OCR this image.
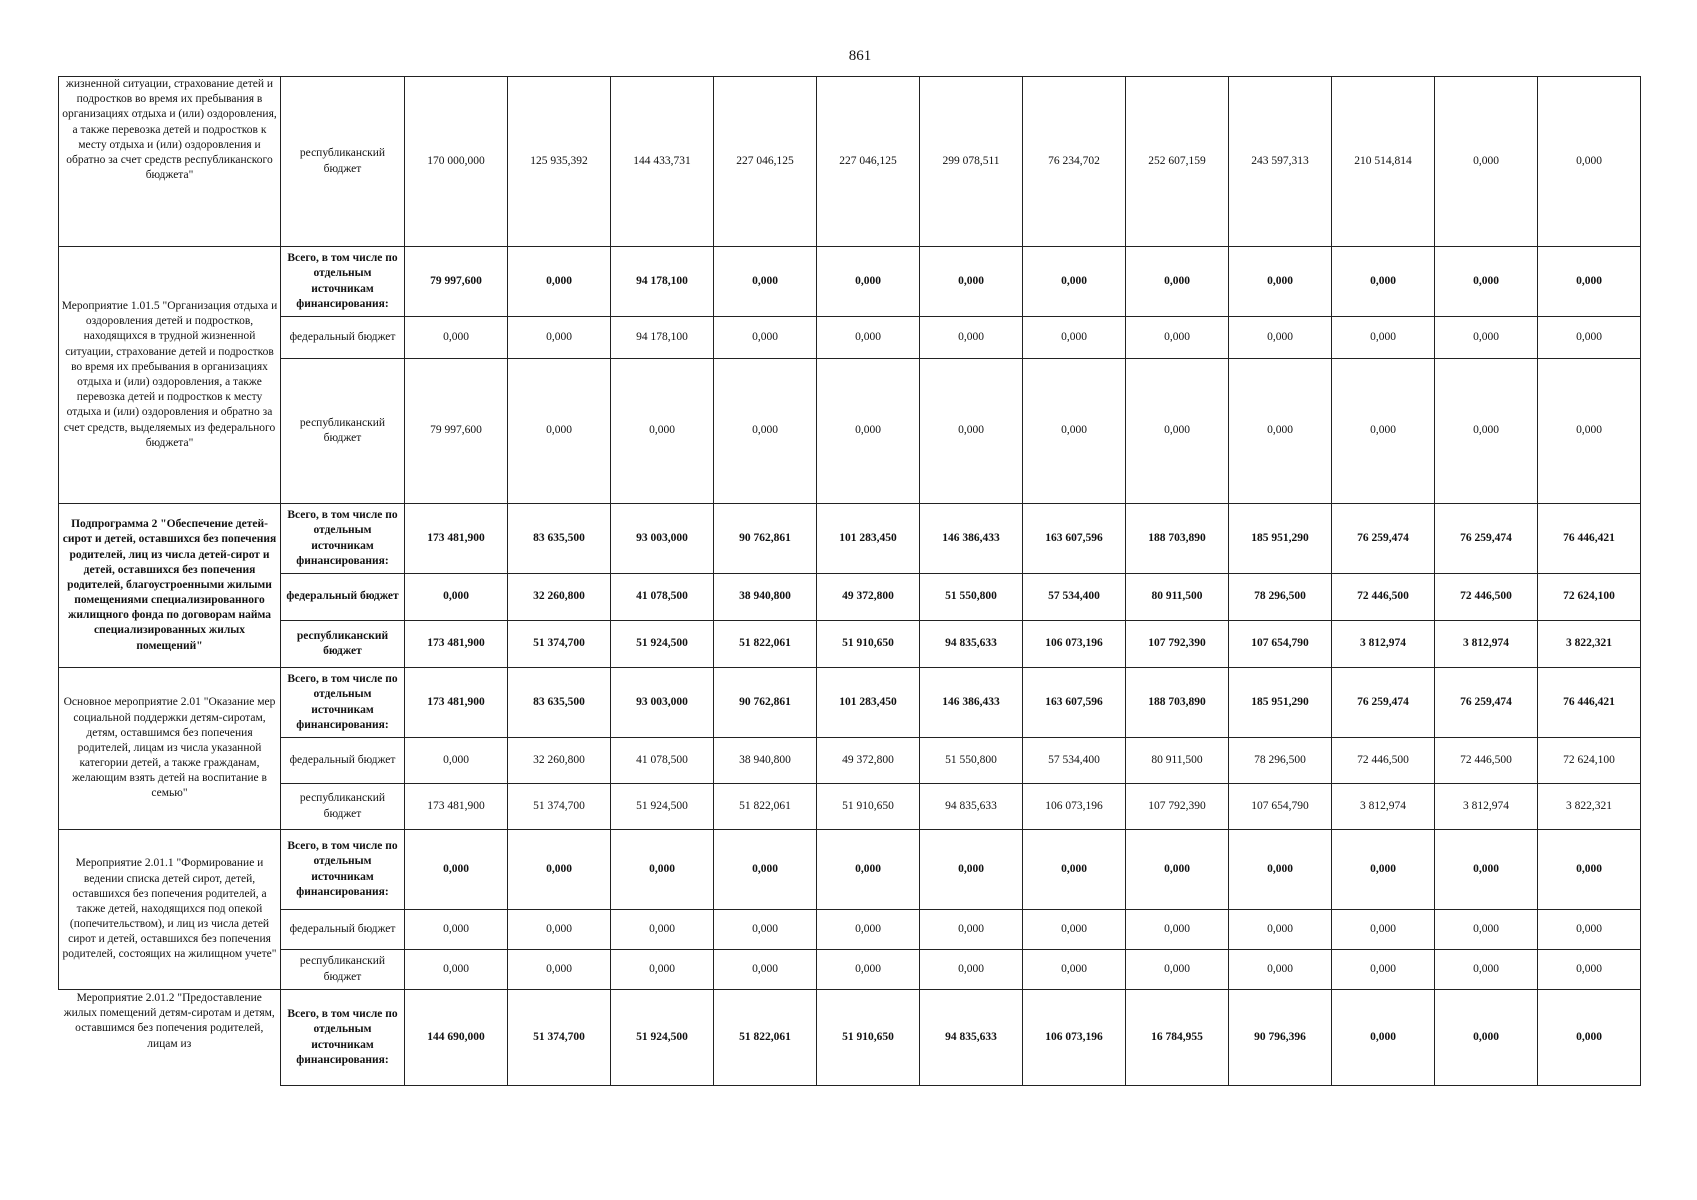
861
жизненной ситуации, страхование детей и подростков во время их пребывания в организациях отдыха и (или) оздоровления, а также перевозка детей и подростков к месту отдыха и (или) оздоровления и обратно за счет средств республиканского бюджета"	республиканский бюджет	170 000,000	125 935,392	144 433,731	227 046,125	227 046,125	299 078,511	76 234,702	252 607,159	243 597,313	210 514,814	0,000	0,000
Мероприятие 1.01.5 "Организация отдыха и оздоровления детей и подростков, находящихся в трудной жизненной ситуации, страхование детей и подростков во время их пребывания в организациях отдыха и (или) оздоровления, а также перевозка детей и подростков к месту отдыха и (или) оздоровления и обратно за счет средств, выделяемых из федерального бюджета"	Всего, в том числе по отдельным источникам финансирования:	79 997,600	0,000	94 178,100	0,000	0,000	0,000	0,000	0,000	0,000	0,000	0,000	0,000
	федеральный бюджет	0,000	0,000	94 178,100	0,000	0,000	0,000	0,000	0,000	0,000	0,000	0,000	0,000
	республиканский бюджет	79 997,600	0,000	0,000	0,000	0,000	0,000	0,000	0,000	0,000	0,000	0,000	0,000
Подпрограмма 2 "Обеспечение детей-сирот и детей, оставшихся без попечения родителей, лиц из числа детей-сирот и детей, оставшихся без попечения родителей, благоустроенными жилыми помещениями специализированного жилищного фонда по договорам найма специализированных жилых помещений"	Всего, в том числе по отдельным источникам финансирования:	173 481,900	83 635,500	93 003,000	90 762,861	101 283,450	146 386,433	163 607,596	188 703,890	185 951,290	76 259,474	76 259,474	76 446,421
	федеральный бюджет	0,000	32 260,800	41 078,500	38 940,800	49 372,800	51 550,800	57 534,400	80 911,500	78 296,500	72 446,500	72 446,500	72 624,100
	республиканский бюджет	173 481,900	51 374,700	51 924,500	51 822,061	51 910,650	94 835,633	106 073,196	107 792,390	107 654,790	3 812,974	3 812,974	3 822,321
Основное мероприятие 2.01 "Оказание мер социальной поддержки детям-сиротам, детям, оставшимся без попечения родителей, лицам из числа указанной категории детей, а также гражданам, желающим взять детей на воспитание в семью"	Всего, в том числе по отдельным источникам финансирования:	173 481,900	83 635,500	93 003,000	90 762,861	101 283,450	146 386,433	163 607,596	188 703,890	185 951,290	76 259,474	76 259,474	76 446,421
	федеральный бюджет	0,000	32 260,800	41 078,500	38 940,800	49 372,800	51 550,800	57 534,400	80 911,500	78 296,500	72 446,500	72 446,500	72 624,100
	республиканский бюджет	173 481,900	51 374,700	51 924,500	51 822,061	51 910,650	94 835,633	106 073,196	107 792,390	107 654,790	3 812,974	3 812,974	3 822,321
Мероприятие 2.01.1 "Формирование и ведении списка детей сирот, детей, оставшихся без попечения родителей, а также детей, находящихся под опекой (попечительством), и лиц из числа детей сирот и детей, оставшихся без попечения родителей, состоящих на жилищном учете"	Всего, в том числе по отдельным источникам финансирования:	0,000	0,000	0,000	0,000	0,000	0,000	0,000	0,000	0,000	0,000	0,000	0,000
	федеральный бюджет	0,000	0,000	0,000	0,000	0,000	0,000	0,000	0,000	0,000	0,000	0,000	0,000
	республиканский бюджет	0,000	0,000	0,000	0,000	0,000	0,000	0,000	0,000	0,000	0,000	0,000	0,000
Мероприятие 2.01.2 "Предоставление жилых помещений детям-сиротам и детям, оставшимся без попечения родителей, лицам из	Всего, в том числе по отдельным источникам финансирования:	144 690,000	51 374,700	51 924,500	51 822,061	51 910,650	94 835,633	106 073,196	16 784,955	90 796,396	0,000	0,000	0,000
